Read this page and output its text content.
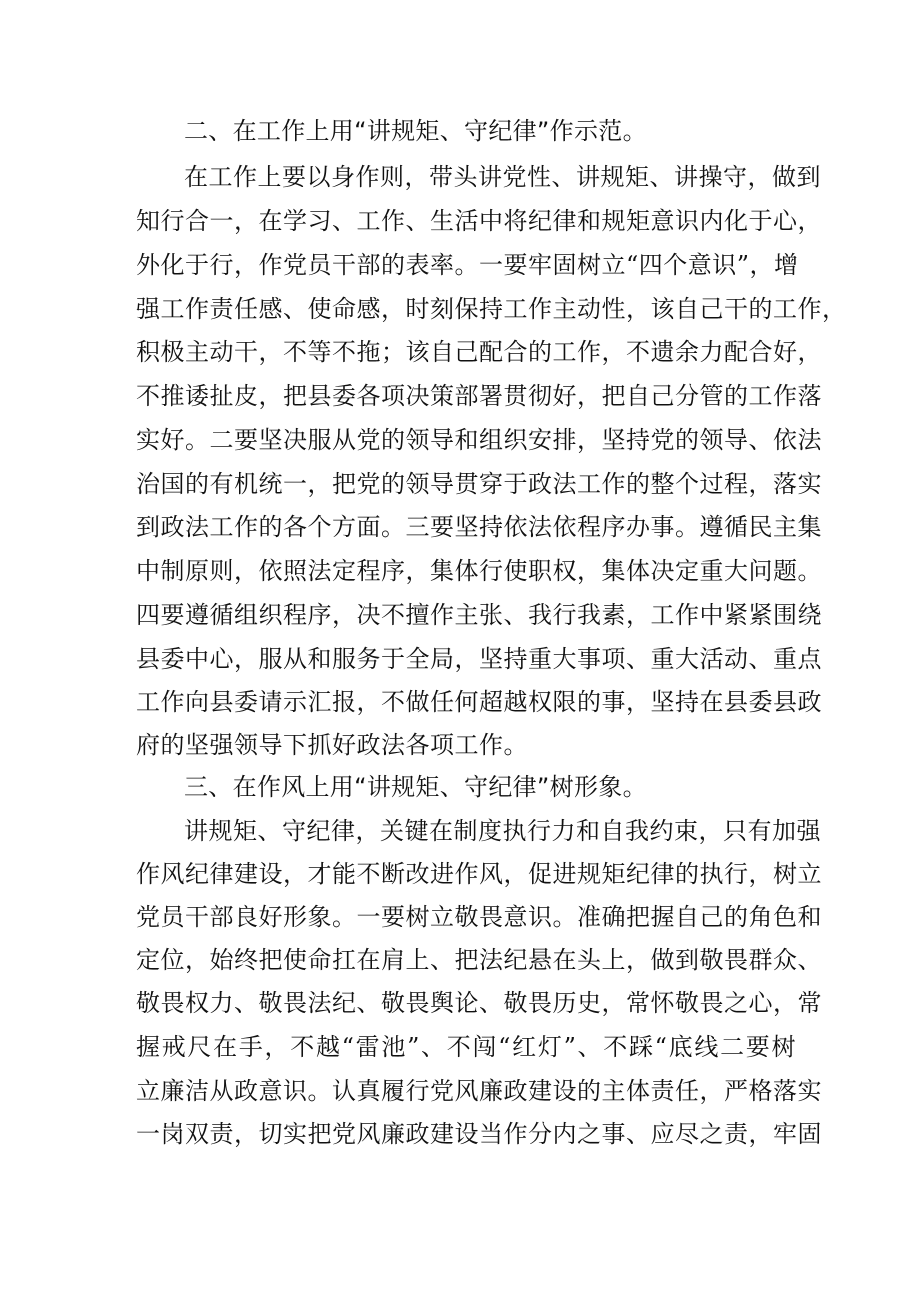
二、在工作上用“讲规矩、守纪律”作示范。
在工作上要以身作则，带头讲党性、讲规矩、讲操守，做到
知行合一，在学习、工作、生活中将纪律和规矩意识内化于心，
外化于行，作党员干部的表率。一要牢固树立“四个意识”，增
强工作责任感、使命感，时刻保持工作主动性，该自己干的工作，
积极主动干，不等不拖；该自己配合的工作，不遗余力配合好，
不推诿扯皮，把县委各项决策部署贯彻好，把自己分管的工作落
实好。二要坚决服从党的领导和组织安排，坚持党的领导、依法
治国的有机统一，把党的领导贯穿于政法工作的整个过程，落实
到政法工作的各个方面。三要坚持依法依程序办事。遵循民主集
中制原则，依照法定程序，集体行使职权，集体决定重大问题。
四要遵循组织程序，决不擅作主张、我行我素，工作中紧紧围绕
县委中心，服从和服务于全局，坚持重大事项、重大活动、重点
工作向县委请示汇报，不做任何超越权限的事，坚持在县委县政
府的坚强领导下抓好政法各项工作。
三、在作风上用“讲规矩、守纪律”树形象。
讲规矩、守纪律，关键在制度执行力和自我约束，只有加强
作风纪律建设，才能不断改进作风，促进规矩纪律的执行，树立
党员干部良好形象。一要树立敬畏意识。准确把握自己的角色和
定位，始终把使命扛在肩上、把法纪悬在头上，做到敬畏群众、
敬畏权力、敬畏法纪、敬畏舆论、敬畏历史，常怀敬畏之心，常
握戒尺在手，不越“雷池”、不闯“红灯”、不踩“底线二要树
立廉洁从政意识。认真履行党风廉政建设的主体责任，严格落实
一岗双责，切实把党风廉政建设当作分内之事、应尽之责，牢固
